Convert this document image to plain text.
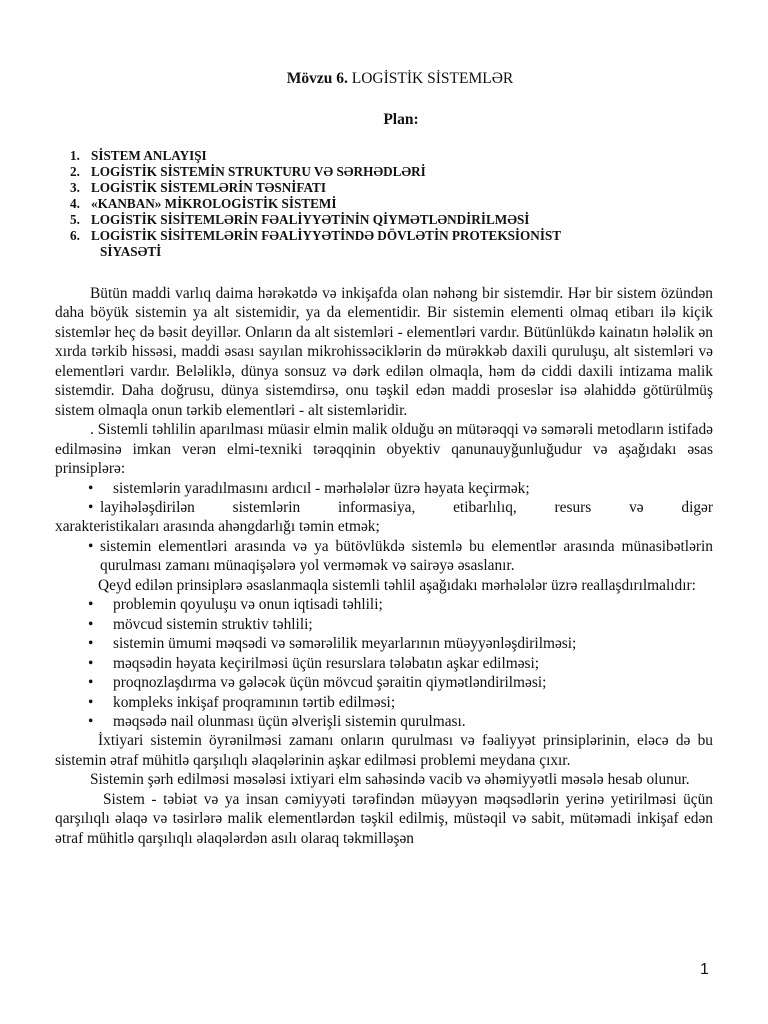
Mövzu 6. LOGİSTİK SİSTEMLƏR
Plan:
1. SİSTEM ANLAYIŞI
2. LOGİSTİK SİSTEMİN STRUKTURU VƏ SƏRHƏDLƏRİ
3. LOGİSTİK SİSTEMLƏRİN TƏSNİFATI
4. «KANBAN» MİKROLOGİSTİK SİSTEMİ
5. LOGİSTİK SİSİTEMLƏRİN FƏALİYYƏTİNİN QİYMƏTLƏNDİRİLMƏSİ
6. LOGİSTİK SİSİTEMLƏRİN FƏALİYYƏTİNDƏ DÖVLƏTİN PROTEKSİONİST
SİYASƏTİ

Bütün maddi varlıq daima hərəkətdə və inkişafda olan nəhəng bir sistemdir. Hər bir sistem özündən daha böyük sistemin ya alt sistemidir, ya da elementidir. Bir sistemin elementi olmaq etibarı ilə kiçik sistemlər heç də bəsit deyillər. Onların da alt sistemləri - elementləri vardır. Bütünlükdə kainatın hələlik ən xırda tərkib hissəsi, maddi əsası sayılan mikrohissəciklərin də mürəkkəb daxili quruluşu, alt sistemləri və elementləri vardır. Beləliklə, dünya sonsuz və dərk edilən olmaqla, həm də ciddi daxili intizama malik sistemdir. Daha doğrusu, dünya sistemdirsə, onu təşkil edən maddi proseslər isə əlahiddə götürülmüş sistem olmaqla onun tərkib elementləri - alt sistemləridir.

. Sistemli təhlilin aparılması müasir elmin malik olduğu ən mütərəqqi və səmərəli metodların istifadə edilməsinə imkan verən elmi-texniki tərəqqinin obyektiv qanunauyğunluğudur və aşağıdakı əsas prinsiplərə:

• sistemlərin yaradılmasını ardıcıl - mərhələlər üzrə həyata keçirmək;

• layihələşdirilən sistemlərin informasiya, etibarlılıq, resurs və digər
xarakteristikaları arasında ahəngdarlığı təmin etmək;

• sistemin elementləri arasında və ya bütövlükdə sistemlə bu elementlər arasında münasibətlərin qurulması zamanı münaqişələrə yol verməmək və sairəyə əsaslanır.

Qeyd edilən prinsiplərə əsaslanmaqla sistemli təhlil aşağıdakı mərhələlər üzrə reallaşdırılmalıdır:

• problemin qoyuluşu və onun iqtisadi təhlili;

• mövcud sistemin struktiv təhlili;

• sistemin ümumi məqsədi və səmərəlilik meyarlarının müəyyənləşdirilməsi;

• məqsədin həyata keçirilməsi üçün resurslara tələbatın aşkar edilməsi;

• proqnozlaşdırma və gələcək üçün mövcud şəraitin qiymətləndirilməsi;

• kompleks inkişaf proqramının tərtib edilməsi;

• məqsədə nail olunması üçün əlverişli sistemin qurulması.

İxtiyari sistemin öyrənilməsi zamanı onların qurulması və fəaliyyət prinsiplərinin, eləcə də bu sistemin ətraf mühitlə qarşılıqlı əlaqələrinin aşkar edilməsi problemi meydana çıxır.

Sistemin şərh edilməsi məsələsi ixtiyari elm sahəsində vacib və əhəmiyyətli məsələ hesab olunur.

Sistem - təbiət və ya insan cəmiyyəti tərəfindən müəyyən məqsədlərin yerinə yetirilməsi üçün qarşılıqlı əlaqə və təsirlərə malik elementlərdən təşkil edilmiş, müstəqil və sabit, mütəmadi inkişaf edən ətraf mühitlə qarşılıqlı əlaqələrdən asılı olaraq təkmilləşən

1
